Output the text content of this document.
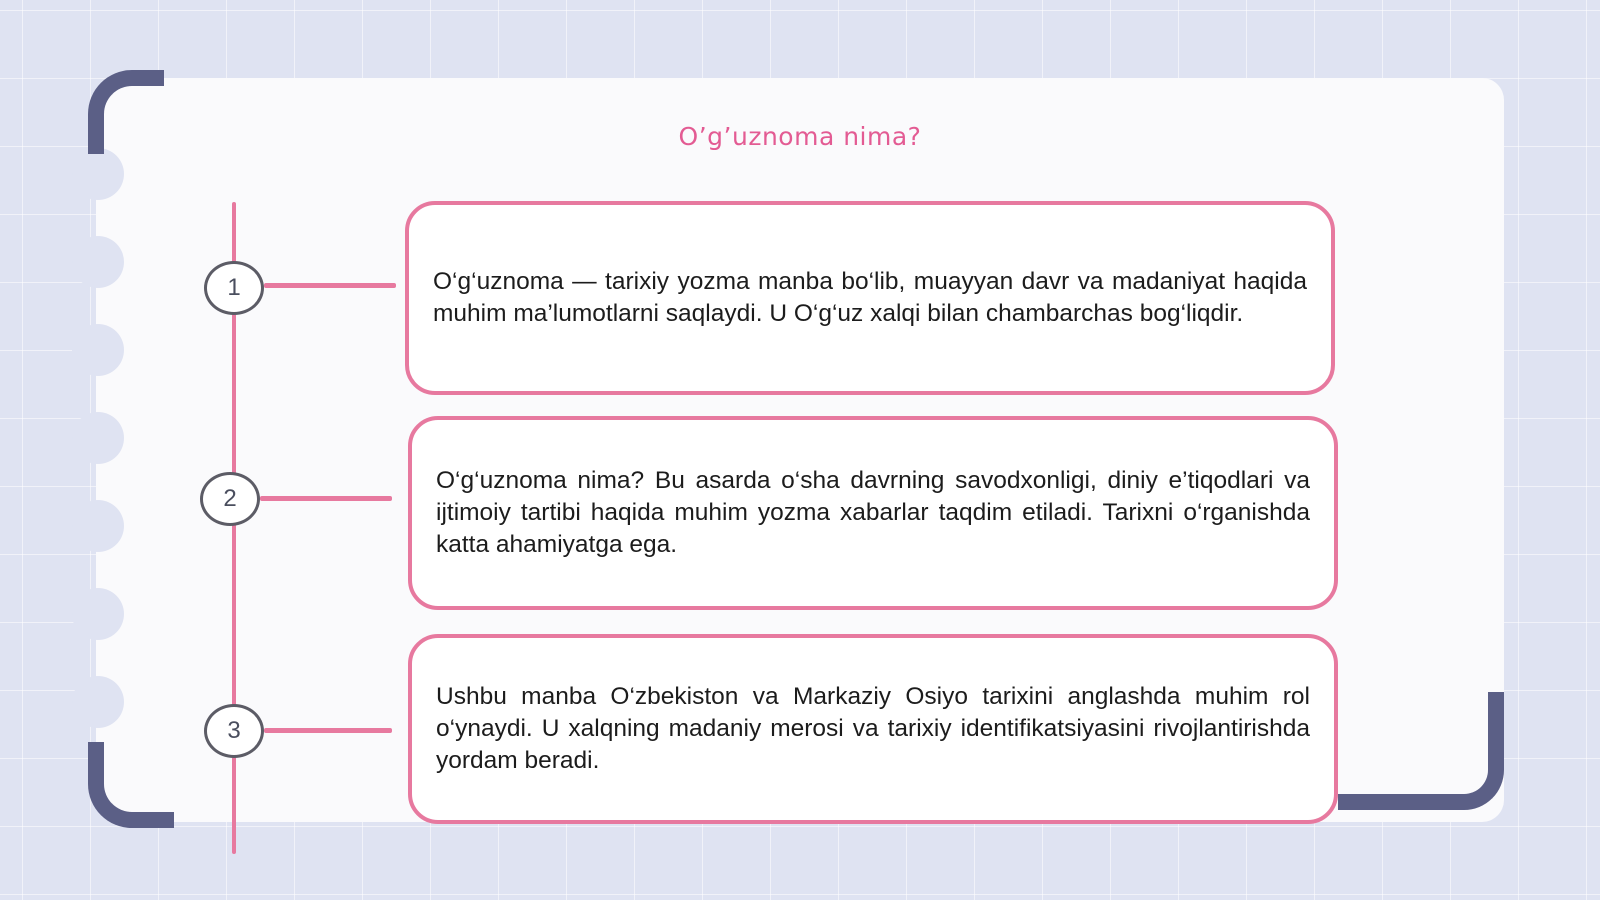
O’g’uznoma nima?
1
2
3

O‘g‘uznoma — tarixiy yozma manba bo‘lib, muayyan davr va madaniyat haqida muhim ma’lumotlarni saqlaydi. U O‘g‘uz xalqi bilan chambarchas bog‘liqdir.

O‘g‘uznoma nima? Bu asarda o‘sha davrning savodxonligi, diniy e’tiqodlari va ijtimoiy tartibi haqida muhim yozma xabarlar taqdim etiladi. Tarixni o‘rganishda katta ahamiyatga ega.

Ushbu manba O‘zbekiston va Markaziy Osiyo tarixini anglashda muhim rol o‘ynaydi. U xalqning madaniy merosi va tarixiy identifikatsiyasini rivojlantirishda yordam beradi.
